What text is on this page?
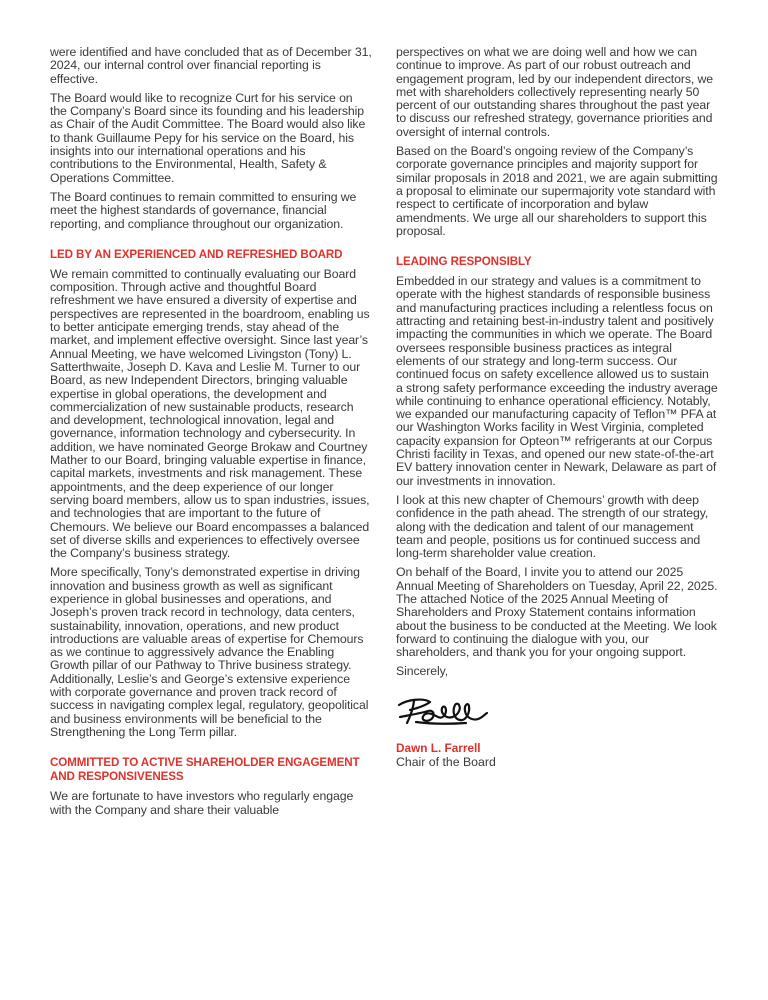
were identified and have concluded that as of December 31, 2024, our internal control over financial reporting is effective.

The Board would like to recognize Curt for his service on the Company’s Board since its founding and his leadership as Chair of the Audit Committee. The Board would also like to thank Guillaume Pepy for his service on the Board, his insights into our international operations and his contributions to the Environmental, Health, Safety & Operations Committee.

The Board continues to remain committed to ensuring we meet the highest standards of governance, financial reporting, and compliance throughout our organization.

LED BY AN EXPERIENCED AND REFRESHED BOARD

We remain committed to continually evaluating our Board composition. Through active and thoughtful Board refreshment we have ensured a diversity of expertise and perspectives are represented in the boardroom, enabling us to better anticipate emerging trends, stay ahead of the market, and implement effective oversight. Since last year’s Annual Meeting, we have welcomed Livingston (Tony) L. Satterthwaite, Joseph D. Kava and Leslie M. Turner to our Board, as new Independent Directors, bringing valuable expertise in global operations, the development and commercialization of new sustainable products, research and development, technological innovation, legal and governance, information technology and cybersecurity. In addition, we have nominated George Brokaw and Courtney Mather to our Board, bringing valuable expertise in finance, capital markets, investments and risk management. These appointments, and the deep experience of our longer serving board members, allow us to span industries, issues, and technologies that are important to the future of Chemours. We believe our Board encompasses a balanced set of diverse skills and experiences to effectively oversee the Company’s business strategy.

More specifically, Tony’s demonstrated expertise in driving innovation and business growth as well as significant experience in global businesses and operations, and Joseph’s proven track record in technology, data centers, sustainability, innovation, operations, and new product introductions are valuable areas of expertise for Chemours as we continue to aggressively advance the Enabling Growth pillar of our Pathway to Thrive business strategy. Additionally, Leslie’s and George’s extensive experience with corporate governance and proven track record of success in navigating complex legal, regulatory, geopolitical and business environments will be beneficial to the Strengthening the Long Term pillar.

COMMITTED TO ACTIVE SHAREHOLDER ENGAGEMENT AND RESPONSIVENESS

We are fortunate to have investors who regularly engage with the Company and share their valuable

perspectives on what we are doing well and how we can continue to improve. As part of our robust outreach and engagement program, led by our independent directors, we met with shareholders collectively representing nearly 50 percent of our outstanding shares throughout the past year to discuss our refreshed strategy, governance priorities and oversight of internal controls.

Based on the Board’s ongoing review of the Company’s corporate governance principles and majority support for similar proposals in 2018 and 2021, we are again submitting a proposal to eliminate our supermajority vote standard with respect to certificate of incorporation and bylaw amendments. We urge all our shareholders to support this proposal.

LEADING RESPONSIBLY

Embedded in our strategy and values is a commitment to operate with the highest standards of responsible business and manufacturing practices including a relentless focus on attracting and retaining best-in-industry talent and positively impacting the communities in which we operate. The Board oversees responsible business practices as integral elements of our strategy and long-term success. Our continued focus on safety excellence allowed us to sustain a strong safety performance exceeding the industry average while continuing to enhance operational efficiency. Notably, we expanded our manufacturing capacity of Teflon™ PFA at our Washington Works facility in West Virginia, completed capacity expansion for Opteon™ refrigerants at our Corpus Christi facility in Texas, and opened our new state-of-the-art EV battery innovation center in Newark, Delaware as part of our investments in innovation.

I look at this new chapter of Chemours’ growth with deep confidence in the path ahead. The strength of our strategy, along with the dedication and talent of our management team and people, positions us for continued success and long-term shareholder value creation.

On behalf of the Board, I invite you to attend our 2025 Annual Meeting of Shareholders on Tuesday, April 22, 2025. The attached Notice of the 2025 Annual Meeting of Shareholders and Proxy Statement contains information about the business to be conducted at the Meeting. We look forward to continuing the dialogue with you, our shareholders, and thank you for your ongoing support.

Sincerely,

Dawn L. Farrell
Chair of the Board
